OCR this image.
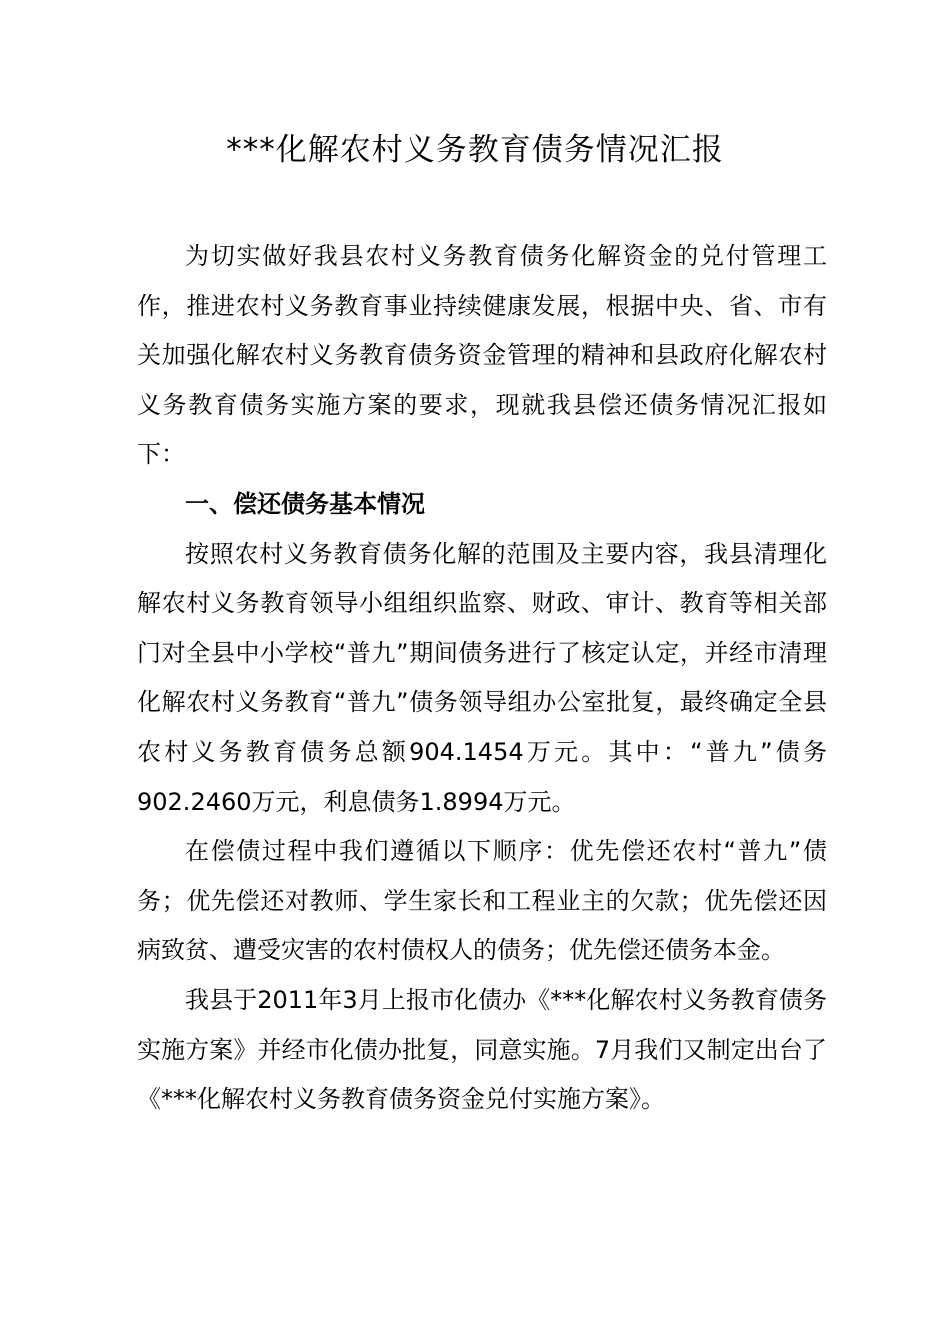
***化解农村义务教育债务情况汇报

为切实做好我县农村义务教育债务化解资金的兑付管理工作，推进农村义务教育事业持续健康发展，根据中央、省、市有关加强化解农村义务教育债务资金管理的精神和县政府化解农村义务教育债务实施方案的要求，现就我县偿还债务情况汇报如下：

一、偿还债务基本情况

按照农村义务教育债务化解的范围及主要内容，我县清理化解农村义务教育领导小组组织监察、财政、审计、教育等相关部门对全县中小学校“普九”期间债务进行了核定认定，并经市清理化解农村义务教育“普九”债务领导组办公室批复，最终确定全县农村义务教育债务总额904.1454万元。其中：“普九”债务902.2460万元，利息债务1.8994万元。

在偿债过程中我们遵循以下顺序：优先偿还农村“普九”债务；优先偿还对教师、学生家长和工程业主的欠款；优先偿还因病致贫、遭受灾害的农村债权人的债务；优先偿还债务本金。

我县于2011年3月上报市化债办《***化解农村义务教育债务实施方案》并经市化债办批复，同意实施。7月我们又制定出台了《***化解农村义务教育债务资金兑付实施方案》。
